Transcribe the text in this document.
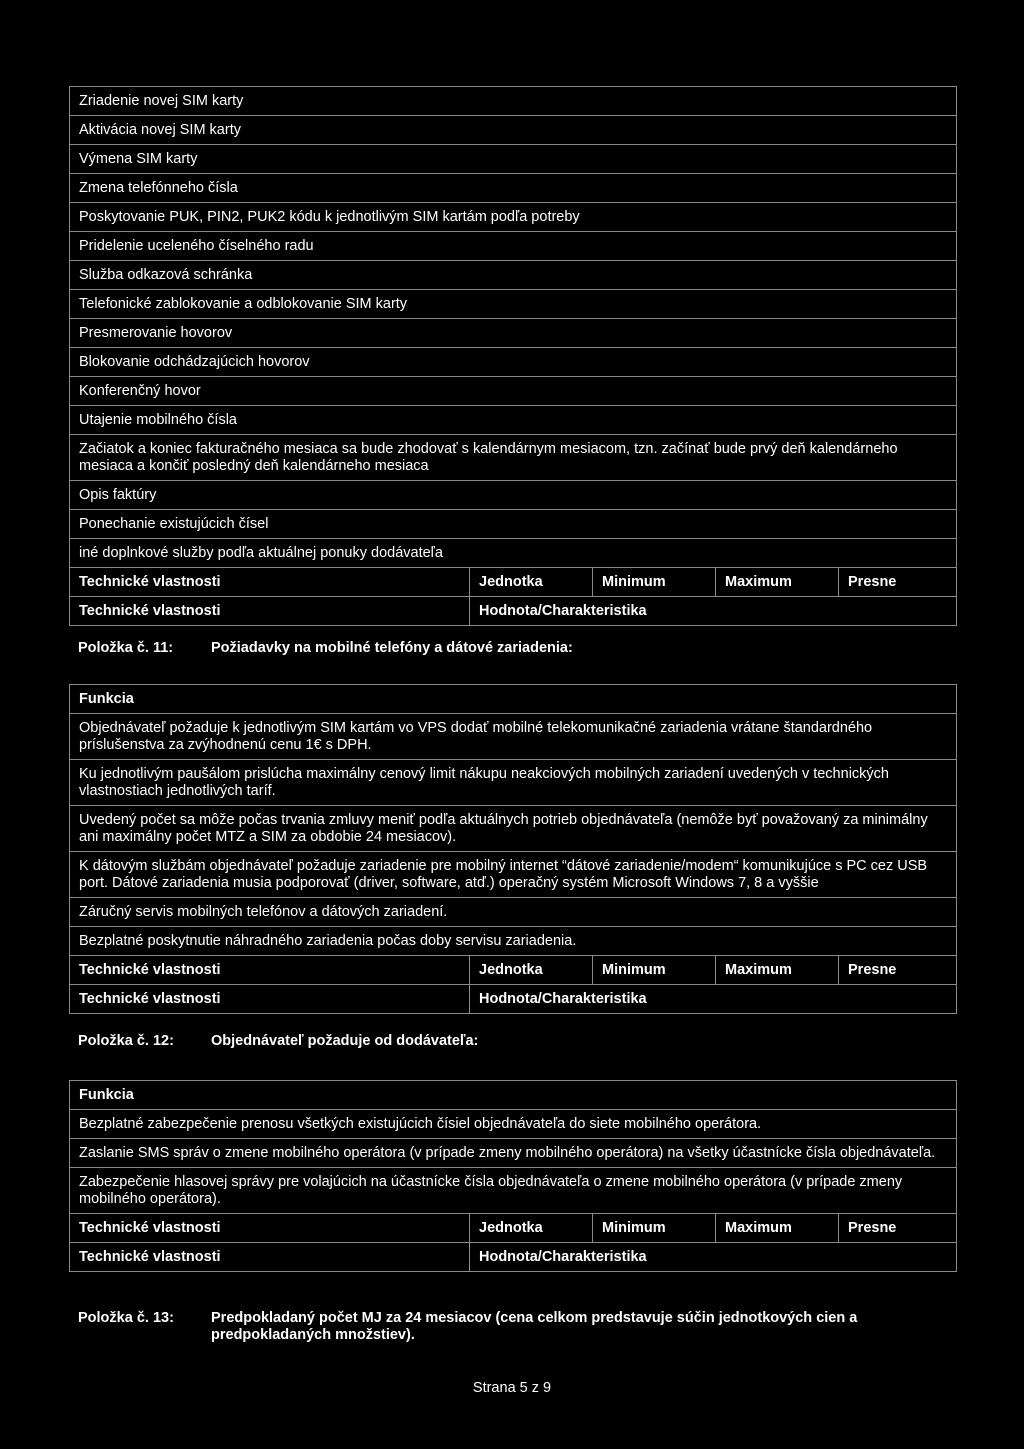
Zriadenie novej SIM karty				
Aktivácia novej SIM karty				
Výmena SIM karty				
Zmena telefónneho čísla				
Poskytovanie PUK, PIN2, PUK2 kódu k jednotlivým SIM kartám podľa potreby				
Pridelenie uceleného číselného radu				
Služba odkazová schránka				
Telefonické zablokovanie a odblokovanie SIM karty				
Presmerovanie hovorov				
Blokovanie odchádzajúcich hovorov				
Konferenčný hovor				
Utajenie mobilného čísla				
Začiatok a koniec fakturačného mesiaca sa bude zhodovať s kalendárnym mesiacom, tzn. začínať bude prvý deň kalendárneho mesiaca a končiť posledný deň kalendárneho mesiaca				
Opis faktúry				
Ponechanie existujúcich čísel				
iné doplnkové služby podľa aktuálnej ponuky dodávateľa				
Technické vlastnosti	Jednotka	Minimum	Maximum	Presne
Technické vlastnosti	Hodnota/Charakteristika			
Položka č. 11:	Požiadavky na mobilné telefóny a dátové zariadenia:
Funkcia				
Objednávateľ požaduje k jednotlivým SIM kartám vo VPS dodať mobilné telekomunikačné zariadenia vrátane štandardného príslušenstva za zvýhodnenú cenu 1€ s DPH.				
Ku jednotlivým paušálom prislúcha maximálny cenový limit nákupu neakciových mobilných zariadení uvedených v technických vlastnostiach jednotlivých taríf.				
Uvedený počet sa môže počas trvania zmluvy meniť podľa aktuálnych potrieb objednávateľa (nemôže byť považovaný za minimálny ani maximálny počet MTZ a SIM za obdobie 24 mesiacov).				
K dátovým službám objednávateľ požaduje zariadenie pre mobilný internet “dátové zariadenie/modem“ komunikujúce s PC cez USB port. Dátové zariadenia musia podporovať (driver, software, atď.) operačný systém Microsoft Windows 7, 8 a vyššie				
Záručný servis mobilných telefónov a dátových zariadení.				
Bezplatné poskytnutie náhradného zariadenia počas doby servisu zariadenia.				
Technické vlastnosti	Jednotka	Minimum	Maximum	Presne
Technické vlastnosti	Hodnota/Charakteristika			
Položka č. 12:	Objednávateľ požaduje od dodávateľa:
Funkcia				
Bezplatné zabezpečenie prenosu všetkých existujúcich čísiel objednávateľa do siete mobilného operátora.				
Zaslanie SMS správ o zmene mobilného operátora (v prípade zmeny mobilného operátora) na všetky účastnícke čísla objednávateľa.				
Zabezpečenie hlasovej správy pre volajúcich na účastnícke čísla objednávateľa o zmene mobilného operátora (v prípade zmeny mobilného operátora).				
Technické vlastnosti	Jednotka	Minimum	Maximum	Presne
Technické vlastnosti	Hodnota/Charakteristika			
Položka č. 13:	Predpokladaný počet MJ za 24 mesiacov (cena celkom predstavuje súčin jednotkových cien a predpokladaných množstiev).
Strana 5 z 9
